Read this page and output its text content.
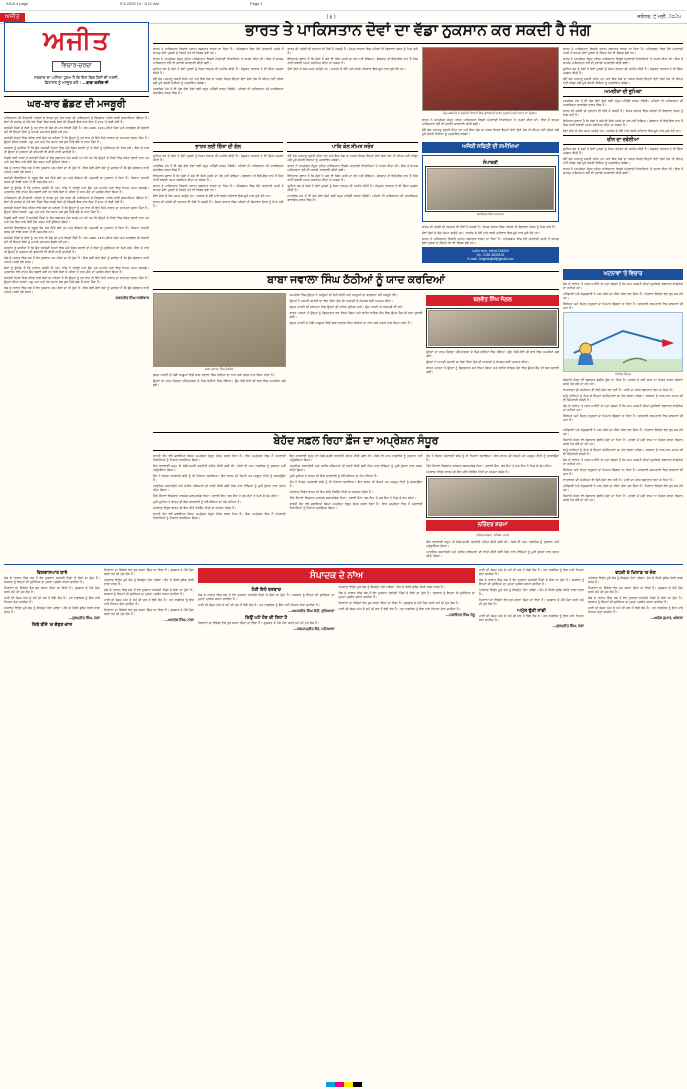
ASIA 4 page	9 5 2025 10 : 8 11 AM	Page 1
ਅਜੀਤ	( ੪ )	ਜਲੰਧਰ, ੯ ਮਈ, ੨੦੨੫
ਅਜੀਤ
ਵਿਚਾਰ-ਚਰਚਾ
ਸਰਕਾਰ ਦਾ ਅਜਿਹਾ ਹੁਕਮ ਹੈ ਕਿ ਇਸ ਵਿਚ ਕਿਸੇ ਦੀ ਮਰਜ਼ੀ-
ਵਿਰਾਸਤ ਨੂੰ ਮਨਜ਼ੂਰ ਕਰੋ। —ਬਾਬਾ ਫ਼ਰੀਦ ਜੀ
ਘਰ-ਬਾਰ ਛੱਡਣ ਦੀ ਮਜਬੂਰੀ

ਪਾਕਿਸਤਾਨ ਦੀ ਫ਼ੌਜਦਾਰੀ ਪਹਿਲਾਂ ਦੋ ਵਾਰਦ ਹੁਣ ਤੱਕ ਸਾਡਾ ਦੀ ਪਾਕਿਸਤਾਨ ਦੇ ਵਿਚਕਾਰ ਮਾਹੌਲ ਕਾਫ਼ੀ ਗਰਮਾਇਆ ਹੋਇਆ ਹੈ। ਦੋਵਾਂ ਹੀ ਸਰਹੱਦ ਦੇ ਨੇੜੇ ਵਸੇ ਪਿੰਡਾਂ ਵਿਚ ਵਸਦੇ ਲੋਕਾਂ ਦੀ ਜ਼ਿੰਦਗੀ ਇਕ ਵਾਰ ਫਿਰ ਤੋਂ ਦਾਅ 'ਤੇ ਲੱਗੀ ਹੋਈ ਹੈ।

ਸਰਹੱਦੀ ਪਿੰਡਾਂ ਦੇ ਲੋਕਾਂ ਨੂੰ ਹਰ ਵਾਰ ਹੀ ਜੰਗ ਦੀ ਮਾਰ ਝੱਲਣੀ ਪੈਂਦੀ ਹੈ। ਸੰਨ 1965, 1971 ਦੀਆਂ ਜੰਗਾਂ ਅਤੇ ਕਾਰਗਿਲ ਦੀ ਲੜਾਈ ਸਮੇਂ ਵੀ ਇਨ੍ਹਾਂ ਲੋਕਾਂ ਨੂੰ ਆਪਣੇ ਘਰ-ਬਾਰ ਛੱਡਣੇ ਪਏ ਸਨ।

ਸਰਹੱਦੀ ਖੇਤਰਾਂ ਵਿਚ ਰਹਿਣ ਵਾਲੇ ਲੋਕਾਂ ਦਾ ਕਹਿਣਾ ਹੈ ਕਿ ਉਨ੍ਹਾਂ ਨੂੰ ਹਰ ਵਾਰ ਹੀ ਇਹੋ ਜਿਹੇ ਹਾਲਾਤ ਦਾ ਸਾਹਮਣਾ ਕਰਨਾ ਪੈਂਦਾ ਹੈ। ਉਨ੍ਹਾਂ ਦੀਆਂ ਫ਼ਸਲਾਂ, ਪਸ਼ੂ, ਘਰ ਅਤੇ ਹੋਰ ਸਮਾਨ ਸਭ ਕੁਝ ਪਿੱਛੇ ਛੱਡ ਕੇ ਜਾਣਾ ਪੈਂਦਾ ਹੈ।

ਸਰਕਾਰ ਨੂੰ ਚਾਹੀਦਾ ਹੈ ਕਿ ਉਹ ਸਰਹੱਦੀ ਖੇਤਰਾਂ ਵਿਚ ਪੱਕੇ ਬੰਕਰ ਬਣਾਏ ਤਾਂ ਜੋ ਲੋਕਾਂ ਨੂੰ ਸੁਰੱਖਿਅਤ ਥਾਂ ਮਿਲ ਸਕੇ। ਇਸ ਦੇ ਨਾਲ ਹੀ ਉਨ੍ਹਾਂ ਦੇ ਨੁਕਸਾਨ ਦੀ ਭਰਪਾਈ ਵੀ ਕੀਤੀ ਜਾਣੀ ਚਾਹੀਦੀ ਹੈ।

ਪਿਛਲੇ ਕਈ ਸਾਲਾਂ ਤੋਂ ਸਰਹੱਦੀ ਪਿੰਡਾਂ ਦੇ ਲੋਕ ਲਗਾਤਾਰ ਮੰਗ ਕਰਦੇ ਆ ਰਹੇ ਹਨ ਕਿ ਉਨ੍ਹਾਂ ਦੇ ਪਿੰਡਾਂ ਵਿਚ ਬੰਕਰ ਬਣਾਏ ਜਾਣ ਪਰ ਅਜੇ ਤੱਕ ਇਸ ਪਾਸੇ ਕੋਈ ਠੋਸ ਕਦਮ ਨਹੀਂ ਚੁੱਕਿਆ ਗਿਆ।

ਜੰਗ ਦੇ ਹਾਲਾਤ ਵਿਚ ਸਭ ਤੋਂ ਵੱਧ ਨੁਕਸਾਨ ਆਮ ਲੋਕਾਂ ਦਾ ਹੀ ਹੁੰਦਾ ਹੈ। ਇਸ ਲਈ ਦੋਵਾਂ ਦੇਸ਼ਾਂ ਨੂੰ ਚਾਹੀਦਾ ਹੈ ਕਿ ਉਹ ਗੱਲਬਾਤ ਰਾਹੀਂ ਆਪਣੇ ਮਸਲੇ ਹੱਲ ਕਰਨ।

ਸਰਹੱਦੀ ਇਲਾਕਿਆਂ ਦੇ ਸਕੂਲ ਬੰਦ ਕਰ ਦਿੱਤੇ ਗਏ ਹਨ ਅਤੇ ਬੱਚਿਆਂ ਦੀ ਪੜ੍ਹਾਈ ਦਾ ਨੁਕਸਾਨ ਹੋ ਰਿਹਾ ਹੈ। ਕਿਸਾਨ ਆਪਣੀ ਕਣਕ ਦੀ ਵਾਢੀ ਕਰਨ ਤੋਂ ਵੀ ਅਸਮਰੱਥ ਹਨ।

ਲੋਕਾਂ ਨੂੰ ਉਮੀਦ ਹੈ ਕਿ ਹਾਲਾਤ ਜਲਦੀ ਹੀ ਆਮ ਵਾਂਗ ਹੋ ਜਾਣਗੇ ਅਤੇ ਉਹ ਮੁੜ ਆਪਣੇ ਘਰਾਂ ਵਿਚ ਵਾਪਸ ਪਰਤ ਸਕਣਗੇ। ਪ੍ਰਸ਼ਾਸਨ ਵਲੋਂ ਰਾਹਤ ਕੈਂਪ ਲਗਾਏ ਗਏ ਹਨ ਜਿਥੇ ਲੋਕਾਂ ਦੇ ਰਹਿਣ ਤੇ ਖਾਣ-ਪੀਣ ਦਾ ਪ੍ਰਬੰਧ ਕੀਤਾ ਗਿਆ ਹੈ।

ਪਾਕਿਸਤਾਨ ਦੀ ਫ਼ੌਜਦਾਰੀ ਪਹਿਲਾਂ ਦੋ ਵਾਰਦ ਹੁਣ ਤੱਕ ਸਾਡਾ ਦੀ ਪਾਕਿਸਤਾਨ ਦੇ ਵਿਚਕਾਰ ਮਾਹੌਲ ਕਾਫ਼ੀ ਗਰਮਾਇਆ ਹੋਇਆ ਹੈ। ਦੋਵਾਂ ਹੀ ਸਰਹੱਦ ਦੇ ਨੇੜੇ ਵਸੇ ਪਿੰਡਾਂ ਵਿਚ ਵਸਦੇ ਲੋਕਾਂ ਦੀ ਜ਼ਿੰਦਗੀ ਇਕ ਵਾਰ ਫਿਰ ਤੋਂ ਦਾਅ 'ਤੇ ਲੱਗੀ ਹੋਈ ਹੈ।

ਸਰਹੱਦੀ ਖੇਤਰਾਂ ਵਿਚ ਰਹਿਣ ਵਾਲੇ ਲੋਕਾਂ ਦਾ ਕਹਿਣਾ ਹੈ ਕਿ ਉਨ੍ਹਾਂ ਨੂੰ ਹਰ ਵਾਰ ਹੀ ਇਹੋ ਜਿਹੇ ਹਾਲਾਤ ਦਾ ਸਾਹਮਣਾ ਕਰਨਾ ਪੈਂਦਾ ਹੈ। ਉਨ੍ਹਾਂ ਦੀਆਂ ਫ਼ਸਲਾਂ, ਪਸ਼ੂ, ਘਰ ਅਤੇ ਹੋਰ ਸਮਾਨ ਸਭ ਕੁਝ ਪਿੱਛੇ ਛੱਡ ਕੇ ਜਾਣਾ ਪੈਂਦਾ ਹੈ।

ਪਿਛਲੇ ਕਈ ਸਾਲਾਂ ਤੋਂ ਸਰਹੱਦੀ ਪਿੰਡਾਂ ਦੇ ਲੋਕ ਲਗਾਤਾਰ ਮੰਗ ਕਰਦੇ ਆ ਰਹੇ ਹਨ ਕਿ ਉਨ੍ਹਾਂ ਦੇ ਪਿੰਡਾਂ ਵਿਚ ਬੰਕਰ ਬਣਾਏ ਜਾਣ ਪਰ ਅਜੇ ਤੱਕ ਇਸ ਪਾਸੇ ਕੋਈ ਠੋਸ ਕਦਮ ਨਹੀਂ ਚੁੱਕਿਆ ਗਿਆ।

ਸਰਹੱਦੀ ਇਲਾਕਿਆਂ ਦੇ ਸਕੂਲ ਬੰਦ ਕਰ ਦਿੱਤੇ ਗਏ ਹਨ ਅਤੇ ਬੱਚਿਆਂ ਦੀ ਪੜ੍ਹਾਈ ਦਾ ਨੁਕਸਾਨ ਹੋ ਰਿਹਾ ਹੈ। ਕਿਸਾਨ ਆਪਣੀ ਕਣਕ ਦੀ ਵਾਢੀ ਕਰਨ ਤੋਂ ਵੀ ਅਸਮਰੱਥ ਹਨ।

ਸਰਹੱਦੀ ਪਿੰਡਾਂ ਦੇ ਲੋਕਾਂ ਨੂੰ ਹਰ ਵਾਰ ਹੀ ਜੰਗ ਦੀ ਮਾਰ ਝੱਲਣੀ ਪੈਂਦੀ ਹੈ। ਸੰਨ 1965, 1971 ਦੀਆਂ ਜੰਗਾਂ ਅਤੇ ਕਾਰਗਿਲ ਦੀ ਲੜਾਈ ਸਮੇਂ ਵੀ ਇਨ੍ਹਾਂ ਲੋਕਾਂ ਨੂੰ ਆਪਣੇ ਘਰ-ਬਾਰ ਛੱਡਣੇ ਪਏ ਸਨ।

ਸਰਕਾਰ ਨੂੰ ਚਾਹੀਦਾ ਹੈ ਕਿ ਉਹ ਸਰਹੱਦੀ ਖੇਤਰਾਂ ਵਿਚ ਪੱਕੇ ਬੰਕਰ ਬਣਾਏ ਤਾਂ ਜੋ ਲੋਕਾਂ ਨੂੰ ਸੁਰੱਖਿਅਤ ਥਾਂ ਮਿਲ ਸਕੇ। ਇਸ ਦੇ ਨਾਲ ਹੀ ਉਨ੍ਹਾਂ ਦੇ ਨੁਕਸਾਨ ਦੀ ਭਰਪਾਈ ਵੀ ਕੀਤੀ ਜਾਣੀ ਚਾਹੀਦੀ ਹੈ।

ਜੰਗ ਦੇ ਹਾਲਾਤ ਵਿਚ ਸਭ ਤੋਂ ਵੱਧ ਨੁਕਸਾਨ ਆਮ ਲੋਕਾਂ ਦਾ ਹੀ ਹੁੰਦਾ ਹੈ। ਇਸ ਲਈ ਦੋਵਾਂ ਦੇਸ਼ਾਂ ਨੂੰ ਚਾਹੀਦਾ ਹੈ ਕਿ ਉਹ ਗੱਲਬਾਤ ਰਾਹੀਂ ਆਪਣੇ ਮਸਲੇ ਹੱਲ ਕਰਨ।

ਲੋਕਾਂ ਨੂੰ ਉਮੀਦ ਹੈ ਕਿ ਹਾਲਾਤ ਜਲਦੀ ਹੀ ਆਮ ਵਾਂਗ ਹੋ ਜਾਣਗੇ ਅਤੇ ਉਹ ਮੁੜ ਆਪਣੇ ਘਰਾਂ ਵਿਚ ਵਾਪਸ ਪਰਤ ਸਕਣਗੇ। ਪ੍ਰਸ਼ਾਸਨ ਵਲੋਂ ਰਾਹਤ ਕੈਂਪ ਲਗਾਏ ਗਏ ਹਨ ਜਿਥੇ ਲੋਕਾਂ ਦੇ ਰਹਿਣ ਤੇ ਖਾਣ-ਪੀਣ ਦਾ ਪ੍ਰਬੰਧ ਕੀਤਾ ਗਿਆ ਹੈ।

ਸਰਹੱਦੀ ਖੇਤਰਾਂ ਵਿਚ ਰਹਿਣ ਵਾਲੇ ਲੋਕਾਂ ਦਾ ਕਹਿਣਾ ਹੈ ਕਿ ਉਨ੍ਹਾਂ ਨੂੰ ਹਰ ਵਾਰ ਹੀ ਇਹੋ ਜਿਹੇ ਹਾਲਾਤ ਦਾ ਸਾਹਮਣਾ ਕਰਨਾ ਪੈਂਦਾ ਹੈ। ਉਨ੍ਹਾਂ ਦੀਆਂ ਫ਼ਸਲਾਂ, ਪਸ਼ੂ, ਘਰ ਅਤੇ ਹੋਰ ਸਮਾਨ ਸਭ ਕੁਝ ਪਿੱਛੇ ਛੱਡ ਕੇ ਜਾਣਾ ਪੈਂਦਾ ਹੈ।

ਜੰਗ ਦੇ ਹਾਲਾਤ ਵਿਚ ਸਭ ਤੋਂ ਵੱਧ ਨੁਕਸਾਨ ਆਮ ਲੋਕਾਂ ਦਾ ਹੀ ਹੁੰਦਾ ਹੈ। ਇਸ ਲਈ ਦੋਵਾਂ ਦੇਸ਼ਾਂ ਨੂੰ ਚਾਹੀਦਾ ਹੈ ਕਿ ਉਹ ਗੱਲਬਾਤ ਰਾਹੀਂ ਆਪਣੇ ਮਸਲੇ ਹੱਲ ਕਰਨ।

ਚਰਨਜੀਤ ਸਿੰਘ ਧਾਲੀਵਾਲ
ਭਾਰਤ ਤੇ ਪਾਕਿਸਤਾਨ ਦੋਵਾਂ ਦਾ ਵੱਡਾ ਨੁਕਸਾਨ ਕਰ ਸਕਦੀ ਹੈ ਜੰਗ

ਭਾਰਤ ਤੇ ਪਾਕਿਸਤਾਨ ਵਿਚਾਲੇ ਤਣਾਅ ਲਗਾਤਾਰ ਵਧਦਾ ਜਾ ਰਿਹਾ ਹੈ। ਪਹਿਲਗਾਮ ਵਿਚ ਹੋਏ ਅੱਤਵਾਦੀ ਹਮਲੇ ਤੋਂ ਬਾਅਦ ਦੋਵਾਂ ਮੁਲਕਾਂ ਦੇ ਰਿਸ਼ਤੇ ਹੋਰ ਵੀ ਵਿਗੜ ਗਏ ਹਨ।

ਭਾਰਤ ਨੇ ਆਪ੍ਰੇਸ਼ਨ ਸੰਧੂਰ ਤਹਿਤ ਪਾਕਿਸਤਾਨ ਵਿਚਲੇ ਅੱਤਵਾਦੀ ਟਿਕਾਣਿਆਂ 'ਤੇ ਹਮਲਾ ਕੀਤਾ ਸੀ। ਇਸ ਤੋਂ ਬਾਅਦ ਪਾਕਿਸਤਾਨ ਵਲੋਂ ਵੀ ਜਵਾਬੀ ਕਾਰਵਾਈ ਕੀਤੀ ਗਈ।

ਦੁਨੀਆ ਭਰ ਦੇ ਦੇਸ਼ਾਂ ਨੇ ਦੋਵਾਂ ਮੁਲਕਾਂ ਨੂੰ ਸੰਜਮ ਵਰਤਣ ਦੀ ਅਪੀਲ ਕੀਤੀ ਹੈ। ਸੰਯੁਕਤ ਰਾਸ਼ਟਰ ਨੇ ਵੀ ਚਿੰਤਾ ਪ੍ਰਗਟ ਕੀਤੀ ਹੈ।

ਦੋਵੇਂ ਦੇਸ਼ ਪਰਮਾਣੂ ਸ਼ਕਤੀ ਸੰਪੰਨ ਹਨ ਅਤੇ ਇਕ ਜੰਗ ਦਾ ਅਸਰ ਸਿਰਫ਼ ਇਨ੍ਹਾਂ ਦੋਵਾਂ ਦੇਸ਼ਾਂ ਤੱਕ ਹੀ ਸੀਮਤ ਨਹੀਂ ਰਹੇਗਾ ਸਗੋਂ ਪੂਰੇ ਦੱਖਣੀ ਏਸ਼ੀਆ ਨੂੰ ਪ੍ਰਭਾਵਿਤ ਕਰੇਗਾ।

ਆਰਥਿਕ ਪੱਖ ਤੋਂ ਵੀ ਜੰਗ ਦੋਵਾਂ ਦੇਸ਼ਾਂ ਲਈ ਬਹੁਤ ਮਹਿੰਗੀ ਸਾਬਤ ਹੋਵੇਗੀ। ਪਹਿਲਾਂ ਹੀ ਪਾਕਿਸਤਾਨ ਦੀ ਆਰਥਿਕਤਾ ਡਾਵਾਂਡੋਲ ਹਾਲਤ ਵਿਚ ਹੈ।

ਭਾਰਤ ਦੀ ਤਰੱਕੀ ਦੀ ਰਫ਼ਤਾਰ ਵੀ ਹੌਲੀ ਪੈ ਸਕਦੀ ਹੈ। ਸ਼ੇਅਰ ਬਾਜ਼ਾਰ ਵਿਚ ਪਹਿਲਾਂ ਹੀ ਗਿਰਾਵਟ ਦੇਖਣ ਨੂੰ ਮਿਲ ਰਹੀ ਹੈ।

ਇਤਿਹਾਸ ਗਵਾਹ ਹੈ ਕਿ ਜੰਗਾਂ ਨੇ ਕਦੇ ਵੀ ਕਿਸੇ ਮਸਲੇ ਦਾ ਹੱਲ ਨਹੀਂ ਕੱਢਿਆ। ਗੱਲਬਾਤ ਹੀ ਇਕੋ-ਇਕ ਰਾਹ ਹੈ ਜਿਸ ਰਾਹੀਂ ਸਥਾਈ ਅਮਨ ਸਥਾਪਿਤ ਕੀਤਾ ਜਾ ਸਕਦਾ ਹੈ।

ਦੋਵਾਂ ਦੇਸ਼ਾਂ ਦੇ ਲੋਕ ਅਮਨ ਚਾਹੁੰਦੇ ਹਨ। ਸਰਹੱਦ ਦੇ ਦੋਵੇਂ ਪਾਸੇ ਵਸਦੇ ਪਰਿਵਾਰ ਇਕ-ਦੂਜੇ ਨਾਲ ਜੁੜੇ ਹੋਏ ਹਨ।

ਜੰਮੂ-ਕਸ਼ਮੀਰ ਦੇ ਸਰਹੱਦੀ ਇਲਾਕੇ ਵਿਚ ਗੋਲਾਬਾਰੀ ਕਾਰਨ ਨੁਕਸਾਨੇ ਗਏ ਮਕਾਨ ਦਾ ਦ੍ਰਿਸ਼।

ਭਾਰਤ ਨੇ ਆਪ੍ਰੇਸ਼ਨ ਸੰਧੂਰ ਤਹਿਤ ਪਾਕਿਸਤਾਨ ਵਿਚਲੇ ਅੱਤਵਾਦੀ ਟਿਕਾਣਿਆਂ 'ਤੇ ਹਮਲਾ ਕੀਤਾ ਸੀ। ਇਸ ਤੋਂ ਬਾਅਦ ਪਾਕਿਸਤਾਨ ਵਲੋਂ ਵੀ ਜਵਾਬੀ ਕਾਰਵਾਈ ਕੀਤੀ ਗਈ।

ਦੋਵੇਂ ਦੇਸ਼ ਪਰਮਾਣੂ ਸ਼ਕਤੀ ਸੰਪੰਨ ਹਨ ਅਤੇ ਇਕ ਜੰਗ ਦਾ ਅਸਰ ਸਿਰਫ਼ ਇਨ੍ਹਾਂ ਦੋਵਾਂ ਦੇਸ਼ਾਂ ਤੱਕ ਹੀ ਸੀਮਤ ਨਹੀਂ ਰਹੇਗਾ ਸਗੋਂ ਪੂਰੇ ਦੱਖਣੀ ਏਸ਼ੀਆ ਨੂੰ ਪ੍ਰਭਾਵਿਤ ਕਰੇਗਾ।

ਭਾਰਤ ਲਈ ਚਿੰਤਾ ਦੀ ਗੱਲ

ਦੁਨੀਆ ਭਰ ਦੇ ਦੇਸ਼ਾਂ ਨੇ ਦੋਵਾਂ ਮੁਲਕਾਂ ਨੂੰ ਸੰਜਮ ਵਰਤਣ ਦੀ ਅਪੀਲ ਕੀਤੀ ਹੈ। ਸੰਯੁਕਤ ਰਾਸ਼ਟਰ ਨੇ ਵੀ ਚਿੰਤਾ ਪ੍ਰਗਟ ਕੀਤੀ ਹੈ।

ਆਰਥਿਕ ਪੱਖ ਤੋਂ ਵੀ ਜੰਗ ਦੋਵਾਂ ਦੇਸ਼ਾਂ ਲਈ ਬਹੁਤ ਮਹਿੰਗੀ ਸਾਬਤ ਹੋਵੇਗੀ। ਪਹਿਲਾਂ ਹੀ ਪਾਕਿਸਤਾਨ ਦੀ ਆਰਥਿਕਤਾ ਡਾਵਾਂਡੋਲ ਹਾਲਤ ਵਿਚ ਹੈ।

ਇਤਿਹਾਸ ਗਵਾਹ ਹੈ ਕਿ ਜੰਗਾਂ ਨੇ ਕਦੇ ਵੀ ਕਿਸੇ ਮਸਲੇ ਦਾ ਹੱਲ ਨਹੀਂ ਕੱਢਿਆ। ਗੱਲਬਾਤ ਹੀ ਇਕੋ-ਇਕ ਰਾਹ ਹੈ ਜਿਸ ਰਾਹੀਂ ਸਥਾਈ ਅਮਨ ਸਥਾਪਿਤ ਕੀਤਾ ਜਾ ਸਕਦਾ ਹੈ।

ਭਾਰਤ ਤੇ ਪਾਕਿਸਤਾਨ ਵਿਚਾਲੇ ਤਣਾਅ ਲਗਾਤਾਰ ਵਧਦਾ ਜਾ ਰਿਹਾ ਹੈ। ਪਹਿਲਗਾਮ ਵਿਚ ਹੋਏ ਅੱਤਵਾਦੀ ਹਮਲੇ ਤੋਂ ਬਾਅਦ ਦੋਵਾਂ ਮੁਲਕਾਂ ਦੇ ਰਿਸ਼ਤੇ ਹੋਰ ਵੀ ਵਿਗੜ ਗਏ ਹਨ।

ਦੋਵਾਂ ਦੇਸ਼ਾਂ ਦੇ ਲੋਕ ਅਮਨ ਚਾਹੁੰਦੇ ਹਨ। ਸਰਹੱਦ ਦੇ ਦੋਵੇਂ ਪਾਸੇ ਵਸਦੇ ਪਰਿਵਾਰ ਇਕ-ਦੂਜੇ ਨਾਲ ਜੁੜੇ ਹੋਏ ਹਨ।

ਭਾਰਤ ਦੀ ਤਰੱਕੀ ਦੀ ਰਫ਼ਤਾਰ ਵੀ ਹੌਲੀ ਪੈ ਸਕਦੀ ਹੈ। ਸ਼ੇਅਰ ਬਾਜ਼ਾਰ ਵਿਚ ਪਹਿਲਾਂ ਹੀ ਗਿਰਾਵਟ ਦੇਖਣ ਨੂੰ ਮਿਲ ਰਹੀ ਹੈ।

ਪਾਕਿ ਕੋਲ ਸੀਮਤ ਸਰੋਤ

ਦੋਵੇਂ ਦੇਸ਼ ਪਰਮਾਣੂ ਸ਼ਕਤੀ ਸੰਪੰਨ ਹਨ ਅਤੇ ਇਕ ਜੰਗ ਦਾ ਅਸਰ ਸਿਰਫ਼ ਇਨ੍ਹਾਂ ਦੋਵਾਂ ਦੇਸ਼ਾਂ ਤੱਕ ਹੀ ਸੀਮਤ ਨਹੀਂ ਰਹੇਗਾ ਸਗੋਂ ਪੂਰੇ ਦੱਖਣੀ ਏਸ਼ੀਆ ਨੂੰ ਪ੍ਰਭਾਵਿਤ ਕਰੇਗਾ।

ਭਾਰਤ ਨੇ ਆਪ੍ਰੇਸ਼ਨ ਸੰਧੂਰ ਤਹਿਤ ਪਾਕਿਸਤਾਨ ਵਿਚਲੇ ਅੱਤਵਾਦੀ ਟਿਕਾਣਿਆਂ 'ਤੇ ਹਮਲਾ ਕੀਤਾ ਸੀ। ਇਸ ਤੋਂ ਬਾਅਦ ਪਾਕਿਸਤਾਨ ਵਲੋਂ ਵੀ ਜਵਾਬੀ ਕਾਰਵਾਈ ਕੀਤੀ ਗਈ।

ਇਤਿਹਾਸ ਗਵਾਹ ਹੈ ਕਿ ਜੰਗਾਂ ਨੇ ਕਦੇ ਵੀ ਕਿਸੇ ਮਸਲੇ ਦਾ ਹੱਲ ਨਹੀਂ ਕੱਢਿਆ। ਗੱਲਬਾਤ ਹੀ ਇਕੋ-ਇਕ ਰਾਹ ਹੈ ਜਿਸ ਰਾਹੀਂ ਸਥਾਈ ਅਮਨ ਸਥਾਪਿਤ ਕੀਤਾ ਜਾ ਸਕਦਾ ਹੈ।

ਦੁਨੀਆ ਭਰ ਦੇ ਦੇਸ਼ਾਂ ਨੇ ਦੋਵਾਂ ਮੁਲਕਾਂ ਨੂੰ ਸੰਜਮ ਵਰਤਣ ਦੀ ਅਪੀਲ ਕੀਤੀ ਹੈ। ਸੰਯੁਕਤ ਰਾਸ਼ਟਰ ਨੇ ਵੀ ਚਿੰਤਾ ਪ੍ਰਗਟ ਕੀਤੀ ਹੈ।

ਆਰਥਿਕ ਪੱਖ ਤੋਂ ਵੀ ਜੰਗ ਦੋਵਾਂ ਦੇਸ਼ਾਂ ਲਈ ਬਹੁਤ ਮਹਿੰਗੀ ਸਾਬਤ ਹੋਵੇਗੀ। ਪਹਿਲਾਂ ਹੀ ਪਾਕਿਸਤਾਨ ਦੀ ਆਰਥਿਕਤਾ ਡਾਵਾਂਡੋਲ ਹਾਲਤ ਵਿਚ ਹੈ।

ਅਜੋਕੀ ਸਥਿਤੀ ਦੀ ਸਮੀਖਿਆ
ਸੰਪਾਦਕੀ
ਬਰਜਿੰਦਰ ਸਿੰਘ ਹਮਦਰਦ

ਭਾਰਤ ਦੀ ਤਰੱਕੀ ਦੀ ਰਫ਼ਤਾਰ ਵੀ ਹੌਲੀ ਪੈ ਸਕਦੀ ਹੈ। ਸ਼ੇਅਰ ਬਾਜ਼ਾਰ ਵਿਚ ਪਹਿਲਾਂ ਹੀ ਗਿਰਾਵਟ ਦੇਖਣ ਨੂੰ ਮਿਲ ਰਹੀ ਹੈ।

ਦੋਵਾਂ ਦੇਸ਼ਾਂ ਦੇ ਲੋਕ ਅਮਨ ਚਾਹੁੰਦੇ ਹਨ। ਸਰਹੱਦ ਦੇ ਦੋਵੇਂ ਪਾਸੇ ਵਸਦੇ ਪਰਿਵਾਰ ਇਕ-ਦੂਜੇ ਨਾਲ ਜੁੜੇ ਹੋਏ ਹਨ।

ਭਾਰਤ ਤੇ ਪਾਕਿਸਤਾਨ ਵਿਚਾਲੇ ਤਣਾਅ ਲਗਾਤਾਰ ਵਧਦਾ ਜਾ ਰਿਹਾ ਹੈ। ਪਹਿਲਗਾਮ ਵਿਚ ਹੋਏ ਅੱਤਵਾਦੀ ਹਮਲੇ ਤੋਂ ਬਾਅਦ ਦੋਵਾਂ ਮੁਲਕਾਂ ਦੇ ਰਿਸ਼ਤੇ ਹੋਰ ਵੀ ਵਿਗੜ ਗਏ ਹਨ।

ਅਜੀਤ ਭਵਨ, ਜਲੰਧਰ-144004
ਫ਼ੋਨ : 0181-5033100
E-mail : hbgmanjitdt@gmail.com

ਭਾਰਤ ਤੇ ਪਾਕਿਸਤਾਨ ਵਿਚਾਲੇ ਤਣਾਅ ਲਗਾਤਾਰ ਵਧਦਾ ਜਾ ਰਿਹਾ ਹੈ। ਪਹਿਲਗਾਮ ਵਿਚ ਹੋਏ ਅੱਤਵਾਦੀ ਹਮਲੇ ਤੋਂ ਬਾਅਦ ਦੋਵਾਂ ਮੁਲਕਾਂ ਦੇ ਰਿਸ਼ਤੇ ਹੋਰ ਵੀ ਵਿਗੜ ਗਏ ਹਨ।

ਭਾਰਤ ਨੇ ਆਪ੍ਰੇਸ਼ਨ ਸੰਧੂਰ ਤਹਿਤ ਪਾਕਿਸਤਾਨ ਵਿਚਲੇ ਅੱਤਵਾਦੀ ਟਿਕਾਣਿਆਂ 'ਤੇ ਹਮਲਾ ਕੀਤਾ ਸੀ। ਇਸ ਤੋਂ ਬਾਅਦ ਪਾਕਿਸਤਾਨ ਵਲੋਂ ਵੀ ਜਵਾਬੀ ਕਾਰਵਾਈ ਕੀਤੀ ਗਈ।

ਦੁਨੀਆ ਭਰ ਦੇ ਦੇਸ਼ਾਂ ਨੇ ਦੋਵਾਂ ਮੁਲਕਾਂ ਨੂੰ ਸੰਜਮ ਵਰਤਣ ਦੀ ਅਪੀਲ ਕੀਤੀ ਹੈ। ਸੰਯੁਕਤ ਰਾਸ਼ਟਰ ਨੇ ਵੀ ਚਿੰਤਾ ਪ੍ਰਗਟ ਕੀਤੀ ਹੈ।

ਦੋਵੇਂ ਦੇਸ਼ ਪਰਮਾਣੂ ਸ਼ਕਤੀ ਸੰਪੰਨ ਹਨ ਅਤੇ ਇਕ ਜੰਗ ਦਾ ਅਸਰ ਸਿਰਫ਼ ਇਨ੍ਹਾਂ ਦੋਵਾਂ ਦੇਸ਼ਾਂ ਤੱਕ ਹੀ ਸੀਮਤ ਨਹੀਂ ਰਹੇਗਾ ਸਗੋਂ ਪੂਰੇ ਦੱਖਣੀ ਏਸ਼ੀਆ ਨੂੰ ਪ੍ਰਭਾਵਿਤ ਕਰੇਗਾ।

ਅਮਰੀਕਾ ਦੀ ਭੂਮਿਕਾ

ਆਰਥਿਕ ਪੱਖ ਤੋਂ ਵੀ ਜੰਗ ਦੋਵਾਂ ਦੇਸ਼ਾਂ ਲਈ ਬਹੁਤ ਮਹਿੰਗੀ ਸਾਬਤ ਹੋਵੇਗੀ। ਪਹਿਲਾਂ ਹੀ ਪਾਕਿਸਤਾਨ ਦੀ ਆਰਥਿਕਤਾ ਡਾਵਾਂਡੋਲ ਹਾਲਤ ਵਿਚ ਹੈ।

ਭਾਰਤ ਦੀ ਤਰੱਕੀ ਦੀ ਰਫ਼ਤਾਰ ਵੀ ਹੌਲੀ ਪੈ ਸਕਦੀ ਹੈ। ਸ਼ੇਅਰ ਬਾਜ਼ਾਰ ਵਿਚ ਪਹਿਲਾਂ ਹੀ ਗਿਰਾਵਟ ਦੇਖਣ ਨੂੰ ਮਿਲ ਰਹੀ ਹੈ।

ਇਤਿਹਾਸ ਗਵਾਹ ਹੈ ਕਿ ਜੰਗਾਂ ਨੇ ਕਦੇ ਵੀ ਕਿਸੇ ਮਸਲੇ ਦਾ ਹੱਲ ਨਹੀਂ ਕੱਢਿਆ। ਗੱਲਬਾਤ ਹੀ ਇਕੋ-ਇਕ ਰਾਹ ਹੈ ਜਿਸ ਰਾਹੀਂ ਸਥਾਈ ਅਮਨ ਸਥਾਪਿਤ ਕੀਤਾ ਜਾ ਸਕਦਾ ਹੈ।

ਦੋਵਾਂ ਦੇਸ਼ਾਂ ਦੇ ਲੋਕ ਅਮਨ ਚਾਹੁੰਦੇ ਹਨ। ਸਰਹੱਦ ਦੇ ਦੋਵੇਂ ਪਾਸੇ ਵਸਦੇ ਪਰਿਵਾਰ ਇਕ-ਦੂਜੇ ਨਾਲ ਜੁੜੇ ਹੋਏ ਹਨ।

ਚੀਨ ਦਾ ਰਵੱਈਆ

ਦੁਨੀਆ ਭਰ ਦੇ ਦੇਸ਼ਾਂ ਨੇ ਦੋਵਾਂ ਮੁਲਕਾਂ ਨੂੰ ਸੰਜਮ ਵਰਤਣ ਦੀ ਅਪੀਲ ਕੀਤੀ ਹੈ। ਸੰਯੁਕਤ ਰਾਸ਼ਟਰ ਨੇ ਵੀ ਚਿੰਤਾ ਪ੍ਰਗਟ ਕੀਤੀ ਹੈ।

ਦੋਵੇਂ ਦੇਸ਼ ਪਰਮਾਣੂ ਸ਼ਕਤੀ ਸੰਪੰਨ ਹਨ ਅਤੇ ਇਕ ਜੰਗ ਦਾ ਅਸਰ ਸਿਰਫ਼ ਇਨ੍ਹਾਂ ਦੋਵਾਂ ਦੇਸ਼ਾਂ ਤੱਕ ਹੀ ਸੀਮਤ ਨਹੀਂ ਰਹੇਗਾ ਸਗੋਂ ਪੂਰੇ ਦੱਖਣੀ ਏਸ਼ੀਆ ਨੂੰ ਪ੍ਰਭਾਵਿਤ ਕਰੇਗਾ।

ਭਾਰਤ ਨੇ ਆਪ੍ਰੇਸ਼ਨ ਸੰਧੂਰ ਤਹਿਤ ਪਾਕਿਸਤਾਨ ਵਿਚਲੇ ਅੱਤਵਾਦੀ ਟਿਕਾਣਿਆਂ 'ਤੇ ਹਮਲਾ ਕੀਤਾ ਸੀ। ਇਸ ਤੋਂ ਬਾਅਦ ਪਾਕਿਸਤਾਨ ਵਲੋਂ ਵੀ ਜਵਾਬੀ ਕਾਰਵਾਈ ਕੀਤੀ ਗਈ।

ਬਾਬਾ ਜਵਾਲਾ ਸਿੰਘ ਠੱਠੀਆਂ ਨੂੰ ਯਾਦ ਕਰਦਿਆਂ
ਬਾਬਾ ਜਵਾਲਾ ਸਿੰਘ ਠੱਠੀਆਂ

ਗ਼ਦਰ ਪਾਰਟੀ ਦੇ ਮੋਢੀ ਆਗੂਆਂ ਵਿਚੋਂ ਬਾਬਾ ਜਵਾਲਾ ਸਿੰਘ ਠੱਠੀਆਂ ਦਾ ਨਾਂਅ ਬੜੇ ਅਦਬ ਨਾਲ ਲਿਆ ਜਾਂਦਾ ਹੈ।

ਉਨ੍ਹਾਂ ਦਾ ਜਨਮ ਜ਼ਿਲ੍ਹਾ ਅੰਮ੍ਰਿਤਸਰ ਦੇ ਪਿੰਡ ਠੱਠੀਆਂ ਵਿਚ ਹੋਇਆ। ਉਹ ਰੋਜ਼ੀ-ਰੋਟੀ ਦੀ ਭਾਲ ਵਿਚ ਅਮਰੀਕਾ ਚਲੇ ਗਏ।

ਅਮਰੀਕਾ ਵਿਚ ਉਨ੍ਹਾਂ ਨੇ ਆਲੂਆਂ ਦੀ ਖੇਤੀ ਕੀਤੀ ਅਤੇ 'ਆਲੂਆਂ ਦਾ ਬਾਦਸ਼ਾਹ' ਵਜੋਂ ਮਸ਼ਹੂਰ ਹੋਏ।

ਉਨ੍ਹਾਂ ਨੇ ਆਪਣੀ ਕਮਾਈ ਦਾ ਵੱਡਾ ਹਿੱਸਾ ਦੇਸ਼ ਦੀ ਆਜ਼ਾਦੀ ਦੇ ਸੰਘਰਸ਼ ਲਈ ਅਰਪਣ ਕੀਤਾ।

ਗ਼ਦਰ ਪਾਰਟੀ ਦੀ ਸਥਾਪਨਾ ਵਿਚ ਉਨ੍ਹਾਂ ਦੀ ਅਹਿਮ ਭੂਮਿਕਾ ਰਹੀ। ਉਹ ਪਾਰਟੀ ਦੇ ਖ਼ਜ਼ਾਨਚੀ ਵੀ ਰਹੇ।

ਭਾਰਤ ਪਰਤਣ 'ਤੇ ਉਨ੍ਹਾਂ ਨੂੰ ਗ੍ਰਿਫ਼ਤਾਰ ਕਰ ਲਿਆ ਗਿਆ ਅਤੇ ਲਾਹੌਰ ਸਾਜ਼ਿਸ਼ ਕੇਸ ਵਿਚ ਉਮਰ ਕੈਦ ਦੀ ਸਜ਼ਾ ਸੁਣਾਈ ਗਈ।

ਗ਼ਦਰ ਪਾਰਟੀ ਦੇ ਮੋਢੀ ਆਗੂਆਂ ਵਿਚੋਂ ਬਾਬਾ ਜਵਾਲਾ ਸਿੰਘ ਠੱਠੀਆਂ ਦਾ ਨਾਂਅ ਬੜੇ ਅਦਬ ਨਾਲ ਲਿਆ ਜਾਂਦਾ ਹੈ।

ਬਲਵੰਤ ਸਿੰਘ ਜੋਗਲ

ਉਨ੍ਹਾਂ ਦਾ ਜਨਮ ਜ਼ਿਲ੍ਹਾ ਅੰਮ੍ਰਿਤਸਰ ਦੇ ਪਿੰਡ ਠੱਠੀਆਂ ਵਿਚ ਹੋਇਆ। ਉਹ ਰੋਜ਼ੀ-ਰੋਟੀ ਦੀ ਭਾਲ ਵਿਚ ਅਮਰੀਕਾ ਚਲੇ ਗਏ।

ਉਨ੍ਹਾਂ ਨੇ ਆਪਣੀ ਕਮਾਈ ਦਾ ਵੱਡਾ ਹਿੱਸਾ ਦੇਸ਼ ਦੀ ਆਜ਼ਾਦੀ ਦੇ ਸੰਘਰਸ਼ ਲਈ ਅਰਪਣ ਕੀਤਾ।

ਭਾਰਤ ਪਰਤਣ 'ਤੇ ਉਨ੍ਹਾਂ ਨੂੰ ਗ੍ਰਿਫ਼ਤਾਰ ਕਰ ਲਿਆ ਗਿਆ ਅਤੇ ਲਾਹੌਰ ਸਾਜ਼ਿਸ਼ ਕੇਸ ਵਿਚ ਉਮਰ ਕੈਦ ਦੀ ਸਜ਼ਾ ਸੁਣਾਈ ਗਈ।

ਘਟਨਾਵਾਂ 'ਤੇ ਵਿਚਾਰ

ਦੇਸ਼ ਦੇ ਹਾਲਾਤ 'ਤੇ ਨਜ਼ਰ ਮਾਰੀਏ ਤਾਂ ਪਤਾ ਲੱਗਦਾ ਹੈ ਕਿ ਆਮ ਆਦਮੀ ਦੀਆਂ ਮੁਸ਼ਕਿਲਾਂ ਲਗਾਤਾਰ ਵਧਦੀਆਂ ਜਾ ਰਹੀਆਂ ਹਨ।

ਮਹਿੰਗਾਈ ਅਤੇ ਬੇਰੁਜ਼ਗਾਰੀ ਨੇ ਆਮ ਲੋਕਾਂ ਦਾ ਜੀਣਾ ਔਖਾ ਕਰ ਦਿੱਤਾ ਹੈ। ਨੌਜਵਾਨ ਵਿਦੇਸ਼ਾਂ ਵੱਲ ਰੁਖ਼ ਕਰ ਰਹੇ ਹਨ।

ਸਿੱਖਿਆ ਅਤੇ ਸਿਹਤ ਸਹੂਲਤਾਂ ਦਾ ਮਿਆਰ ਡਿੱਗਦਾ ਜਾ ਰਿਹਾ ਹੈ। ਸਰਕਾਰੀ ਹਸਪਤਾਲਾਂ ਵਿਚ ਡਾਕਟਰਾਂ ਦੀ ਘਾਟ ਹੈ।

ਵਿਅੰਗ-ਚਿੱਤਰ

ਕਿਸਾਨੀ ਸੰਕਟ ਵੀ ਲਗਾਤਾਰ ਗੰਭੀਰ ਹੁੰਦਾ ਜਾ ਰਿਹਾ ਹੈ। ਫ਼ਸਲਾਂ ਦੇ ਸਹੀ ਭਾਅ ਨਾ ਮਿਲਣ ਕਾਰਨ ਕਿਸਾਨ ਕਰਜ਼ੇ ਹੇਠ ਦੱਬੇ ਜਾ ਰਹੇ ਹਨ।

ਵਾਤਾਵਰਨ ਦੀ ਸਮੱਸਿਆ ਵੀ ਦਿਨੋ-ਦਿਨ ਵਧ ਰਹੀ ਹੈ। ਪਾਣੀ ਦਾ ਪੱਧਰ ਲਗਾਤਾਰ ਹੇਠਾਂ ਜਾ ਰਿਹਾ ਹੈ।

ਸਾਨੂੰ ਸਾਰਿਆਂ ਨੂੰ ਮਿਲ ਕੇ ਇਨ੍ਹਾਂ ਸਮੱਸਿਆਵਾਂ ਦਾ ਹੱਲ ਲੱਭਣਾ ਪਵੇਗਾ। ਸਰਕਾਰ ਦੇ ਨਾਲ-ਨਾਲ ਸਮਾਜ ਦੀ ਵੀ ਜ਼ਿੰਮੇਵਾਰੀ ਬਣਦੀ ਹੈ।

ਦੇਸ਼ ਦੇ ਹਾਲਾਤ 'ਤੇ ਨਜ਼ਰ ਮਾਰੀਏ ਤਾਂ ਪਤਾ ਲੱਗਦਾ ਹੈ ਕਿ ਆਮ ਆਦਮੀ ਦੀਆਂ ਮੁਸ਼ਕਿਲਾਂ ਲਗਾਤਾਰ ਵਧਦੀਆਂ ਜਾ ਰਹੀਆਂ ਹਨ।

ਸਿੱਖਿਆ ਅਤੇ ਸਿਹਤ ਸਹੂਲਤਾਂ ਦਾ ਮਿਆਰ ਡਿੱਗਦਾ ਜਾ ਰਿਹਾ ਹੈ। ਸਰਕਾਰੀ ਹਸਪਤਾਲਾਂ ਵਿਚ ਡਾਕਟਰਾਂ ਦੀ ਘਾਟ ਹੈ।

ਬੇਹੱਦ ਸਫ਼ਲ ਰਿਹਾ ਫ਼ੌਜ ਦਾ ਅਪ੍ਰੇਸ਼ਨ ਸੰਧੂਰ

ਭਾਰਤੀ ਫ਼ੌਜ ਵਲੋਂ ਚਲਾਇਆ ਗਿਆ ਅਪ੍ਰੇਸ਼ਨ ਸੰਧੂਰ ਬੇਹੱਦ ਸਫ਼ਲ ਰਿਹਾ ਹੈ। ਇਸ ਅਪ੍ਰੇਸ਼ਨ ਵਿਚ ਨੌਂ ਅੱਤਵਾਦੀ ਟਿਕਾਣਿਆਂ ਨੂੰ ਨਿਸ਼ਾਨਾ ਬਣਾਇਆ ਗਿਆ।

ਇਹ ਕਾਰਵਾਈ ਬਹੁਤ ਹੀ ਸੋਚੀ-ਸਮਝੀ ਰਣਨੀਤੀ ਤਹਿਤ ਕੀਤੀ ਗਈ ਸੀ। ਕਿਸੇ ਵੀ ਆਮ ਨਾਗਰਿਕ ਨੂੰ ਨੁਕਸਾਨ ਨਹੀਂ ਪਹੁੰਚਾਇਆ ਗਿਆ।

ਫ਼ੌਜ ਨੇ ਸਿਰਫ਼ ਅੱਤਵਾਦੀ ਢਾਂਚੇ ਨੂੰ ਹੀ ਨਿਸ਼ਾਨਾ ਬਣਾਇਆ। ਇਹ ਭਾਰਤ ਦੀ ਸੰਜਮੀ ਪਰ ਮਜ਼ਬੂਤ ਨੀਤੀ ਨੂੰ ਦਰਸਾਉਂਦਾ ਹੈ।

ਆਧੁਨਿਕ ਤਕਨਾਲੋਜੀ ਅਤੇ ਸਟੀਕ ਹਥਿਆਰਾਂ ਦੀ ਵਰਤੋਂ ਕੀਤੀ ਗਈ ਜਿਸ ਨਾਲ ਟੀਚਿਆਂ ਨੂੰ ਪੂਰੀ ਸ਼ੁੱਧਤਾ ਨਾਲ ਤਬਾਹ ਕੀਤਾ ਗਿਆ।

ਤਿੰਨੇ ਸੈਨਾਵਾਂ ਵਿਚਕਾਰ ਤਾਲਮੇਲ ਸ਼ਲਾਘਾਯੋਗ ਰਿਹਾ। ਹਵਾਈ ਸੈਨਾ, ਥਲ ਸੈਨਾ ਤੇ ਜਲ ਸੈਨਾ ਨੇ ਮਿਲ ਕੇ ਕੰਮ ਕੀਤਾ।

ਪੂਰੀ ਦੁਨੀਆ ਨੇ ਭਾਰਤ ਦੀ ਇਸ ਕਾਰਵਾਈ ਨੂੰ ਸਵੈ-ਰੱਖਿਆ ਦਾ ਹੱਕ ਮੰਨਿਆ ਹੈ।

ਅੱਤਵਾਦ ਵਿਰੁੱਧ ਭਾਰਤ ਦੀ ਇਹ ਜ਼ੀਰੋ ਟੌਲਰੈਂਸ ਨੀਤੀ ਦਾ ਸਪੱਸ਼ਟ ਸੰਦੇਸ਼ ਹੈ।

ਭਾਰਤੀ ਫ਼ੌਜ ਵਲੋਂ ਚਲਾਇਆ ਗਿਆ ਅਪ੍ਰੇਸ਼ਨ ਸੰਧੂਰ ਬੇਹੱਦ ਸਫ਼ਲ ਰਿਹਾ ਹੈ। ਇਸ ਅਪ੍ਰੇਸ਼ਨ ਵਿਚ ਨੌਂ ਅੱਤਵਾਦੀ ਟਿਕਾਣਿਆਂ ਨੂੰ ਨਿਸ਼ਾਨਾ ਬਣਾਇਆ ਗਿਆ।

ਇਹ ਕਾਰਵਾਈ ਬਹੁਤ ਹੀ ਸੋਚੀ-ਸਮਝੀ ਰਣਨੀਤੀ ਤਹਿਤ ਕੀਤੀ ਗਈ ਸੀ। ਕਿਸੇ ਵੀ ਆਮ ਨਾਗਰਿਕ ਨੂੰ ਨੁਕਸਾਨ ਨਹੀਂ ਪਹੁੰਚਾਇਆ ਗਿਆ।

ਆਧੁਨਿਕ ਤਕਨਾਲੋਜੀ ਅਤੇ ਸਟੀਕ ਹਥਿਆਰਾਂ ਦੀ ਵਰਤੋਂ ਕੀਤੀ ਗਈ ਜਿਸ ਨਾਲ ਟੀਚਿਆਂ ਨੂੰ ਪੂਰੀ ਸ਼ੁੱਧਤਾ ਨਾਲ ਤਬਾਹ ਕੀਤਾ ਗਿਆ।

ਪੂਰੀ ਦੁਨੀਆ ਨੇ ਭਾਰਤ ਦੀ ਇਸ ਕਾਰਵਾਈ ਨੂੰ ਸਵੈ-ਰੱਖਿਆ ਦਾ ਹੱਕ ਮੰਨਿਆ ਹੈ।

ਫ਼ੌਜ ਨੇ ਸਿਰਫ਼ ਅੱਤਵਾਦੀ ਢਾਂਚੇ ਨੂੰ ਹੀ ਨਿਸ਼ਾਨਾ ਬਣਾਇਆ। ਇਹ ਭਾਰਤ ਦੀ ਸੰਜਮੀ ਪਰ ਮਜ਼ਬੂਤ ਨੀਤੀ ਨੂੰ ਦਰਸਾਉਂਦਾ ਹੈ।

ਅੱਤਵਾਦ ਵਿਰੁੱਧ ਭਾਰਤ ਦੀ ਇਹ ਜ਼ੀਰੋ ਟੌਲਰੈਂਸ ਨੀਤੀ ਦਾ ਸਪੱਸ਼ਟ ਸੰਦੇਸ਼ ਹੈ।

ਤਿੰਨੇ ਸੈਨਾਵਾਂ ਵਿਚਕਾਰ ਤਾਲਮੇਲ ਸ਼ਲਾਘਾਯੋਗ ਰਿਹਾ। ਹਵਾਈ ਸੈਨਾ, ਥਲ ਸੈਨਾ ਤੇ ਜਲ ਸੈਨਾ ਨੇ ਮਿਲ ਕੇ ਕੰਮ ਕੀਤਾ।

ਭਾਰਤੀ ਫ਼ੌਜ ਵਲੋਂ ਚਲਾਇਆ ਗਿਆ ਅਪ੍ਰੇਸ਼ਨ ਸੰਧੂਰ ਬੇਹੱਦ ਸਫ਼ਲ ਰਿਹਾ ਹੈ। ਇਸ ਅਪ੍ਰੇਸ਼ਨ ਵਿਚ ਨੌਂ ਅੱਤਵਾਦੀ ਟਿਕਾਣਿਆਂ ਨੂੰ ਨਿਸ਼ਾਨਾ ਬਣਾਇਆ ਗਿਆ।

ਫ਼ੌਜ ਨੇ ਸਿਰਫ਼ ਅੱਤਵਾਦੀ ਢਾਂਚੇ ਨੂੰ ਹੀ ਨਿਸ਼ਾਨਾ ਬਣਾਇਆ। ਇਹ ਭਾਰਤ ਦੀ ਸੰਜਮੀ ਪਰ ਮਜ਼ਬੂਤ ਨੀਤੀ ਨੂੰ ਦਰਸਾਉਂਦਾ ਹੈ।

ਤਿੰਨੇ ਸੈਨਾਵਾਂ ਵਿਚਕਾਰ ਤਾਲਮੇਲ ਸ਼ਲਾਘਾਯੋਗ ਰਿਹਾ। ਹਵਾਈ ਸੈਨਾ, ਥਲ ਸੈਨਾ ਤੇ ਜਲ ਸੈਨਾ ਨੇ ਮਿਲ ਕੇ ਕੰਮ ਕੀਤਾ।

ਅੱਤਵਾਦ ਵਿਰੁੱਧ ਭਾਰਤ ਦੀ ਇਹ ਜ਼ੀਰੋ ਟੌਲਰੈਂਸ ਨੀਤੀ ਦਾ ਸਪੱਸ਼ਟ ਸੰਦੇਸ਼ ਹੈ।

ਨਰਿੰਦਰ ਸ਼ਰਮਾ
ਨਰਿੰਦਰ ਸ਼ਰਮਾ, ਰੱਖਿਆ ਮਾਹਰ

ਇਹ ਕਾਰਵਾਈ ਬਹੁਤ ਹੀ ਸੋਚੀ-ਸਮਝੀ ਰਣਨੀਤੀ ਤਹਿਤ ਕੀਤੀ ਗਈ ਸੀ। ਕਿਸੇ ਵੀ ਆਮ ਨਾਗਰਿਕ ਨੂੰ ਨੁਕਸਾਨ ਨਹੀਂ ਪਹੁੰਚਾਇਆ ਗਿਆ।

ਆਧੁਨਿਕ ਤਕਨਾਲੋਜੀ ਅਤੇ ਸਟੀਕ ਹਥਿਆਰਾਂ ਦੀ ਵਰਤੋਂ ਕੀਤੀ ਗਈ ਜਿਸ ਨਾਲ ਟੀਚਿਆਂ ਨੂੰ ਪੂਰੀ ਸ਼ੁੱਧਤਾ ਨਾਲ ਤਬਾਹ ਕੀਤਾ ਗਿਆ।

ਮਹਿੰਗਾਈ ਅਤੇ ਬੇਰੁਜ਼ਗਾਰੀ ਨੇ ਆਮ ਲੋਕਾਂ ਦਾ ਜੀਣਾ ਔਖਾ ਕਰ ਦਿੱਤਾ ਹੈ। ਨੌਜਵਾਨ ਵਿਦੇਸ਼ਾਂ ਵੱਲ ਰੁਖ਼ ਕਰ ਰਹੇ ਹਨ।

ਕਿਸਾਨੀ ਸੰਕਟ ਵੀ ਲਗਾਤਾਰ ਗੰਭੀਰ ਹੁੰਦਾ ਜਾ ਰਿਹਾ ਹੈ। ਫ਼ਸਲਾਂ ਦੇ ਸਹੀ ਭਾਅ ਨਾ ਮਿਲਣ ਕਾਰਨ ਕਿਸਾਨ ਕਰਜ਼ੇ ਹੇਠ ਦੱਬੇ ਜਾ ਰਹੇ ਹਨ।

ਸਾਨੂੰ ਸਾਰਿਆਂ ਨੂੰ ਮਿਲ ਕੇ ਇਨ੍ਹਾਂ ਸਮੱਸਿਆਵਾਂ ਦਾ ਹੱਲ ਲੱਭਣਾ ਪਵੇਗਾ। ਸਰਕਾਰ ਦੇ ਨਾਲ-ਨਾਲ ਸਮਾਜ ਦੀ ਵੀ ਜ਼ਿੰਮੇਵਾਰੀ ਬਣਦੀ ਹੈ।

ਦੇਸ਼ ਦੇ ਹਾਲਾਤ 'ਤੇ ਨਜ਼ਰ ਮਾਰੀਏ ਤਾਂ ਪਤਾ ਲੱਗਦਾ ਹੈ ਕਿ ਆਮ ਆਦਮੀ ਦੀਆਂ ਮੁਸ਼ਕਿਲਾਂ ਲਗਾਤਾਰ ਵਧਦੀਆਂ ਜਾ ਰਹੀਆਂ ਹਨ।

ਸਿੱਖਿਆ ਅਤੇ ਸਿਹਤ ਸਹੂਲਤਾਂ ਦਾ ਮਿਆਰ ਡਿੱਗਦਾ ਜਾ ਰਿਹਾ ਹੈ। ਸਰਕਾਰੀ ਹਸਪਤਾਲਾਂ ਵਿਚ ਡਾਕਟਰਾਂ ਦੀ ਘਾਟ ਹੈ।

ਵਾਤਾਵਰਨ ਦੀ ਸਮੱਸਿਆ ਵੀ ਦਿਨੋ-ਦਿਨ ਵਧ ਰਹੀ ਹੈ। ਪਾਣੀ ਦਾ ਪੱਧਰ ਲਗਾਤਾਰ ਹੇਠਾਂ ਜਾ ਰਿਹਾ ਹੈ।

ਮਹਿੰਗਾਈ ਅਤੇ ਬੇਰੁਜ਼ਗਾਰੀ ਨੇ ਆਮ ਲੋਕਾਂ ਦਾ ਜੀਣਾ ਔਖਾ ਕਰ ਦਿੱਤਾ ਹੈ। ਨੌਜਵਾਨ ਵਿਦੇਸ਼ਾਂ ਵੱਲ ਰੁਖ਼ ਕਰ ਰਹੇ ਹਨ।

ਕਿਸਾਨੀ ਸੰਕਟ ਵੀ ਲਗਾਤਾਰ ਗੰਭੀਰ ਹੁੰਦਾ ਜਾ ਰਿਹਾ ਹੈ। ਫ਼ਸਲਾਂ ਦੇ ਸਹੀ ਭਾਅ ਨਾ ਮਿਲਣ ਕਾਰਨ ਕਿਸਾਨ ਕਰਜ਼ੇ ਹੇਠ ਦੱਬੇ ਜਾ ਰਹੇ ਹਨ।

ਵਿਸ਼ਵਾਸਘਾਤ ਬਾਰੇ

ਜੰਗ ਦੇ ਹਾਲਾਤ ਵਿਚ ਸਭ ਤੋਂ ਵੱਧ ਨੁਕਸਾਨ ਸਰਹੱਦੀ ਪਿੰਡਾਂ ਦੇ ਲੋਕਾਂ ਦਾ ਹੁੰਦਾ ਹੈ। ਸਰਕਾਰ ਨੂੰ ਇਨ੍ਹਾਂ ਦੀ ਸੁਰੱਖਿਆ ਦਾ ਪੁਖ਼ਤਾ ਪ੍ਰਬੰਧ ਕਰਨਾ ਚਾਹੀਦਾ ਹੈ।

ਨੌਜਵਾਨਾਂ ਦਾ ਵਿਦੇਸ਼ਾਂ ਵੱਲ ਰੁਖ਼ ਕਰਨਾ ਚਿੰਤਾ ਦਾ ਵਿਸ਼ਾ ਹੈ। ਰੁਜ਼ਗਾਰ ਦੇ ਮੌਕੇ ਪੈਦਾ ਕਰਨੇ ਸਮੇਂ ਦੀ ਮੁੱਖ ਲੋੜ ਹੈ।

ਪਾਣੀ ਦੀ ਬੱਚਤ ਅੱਜ ਦੇ ਸਮੇਂ ਦੀ ਸਭ ਤੋਂ ਵੱਡੀ ਲੋੜ ਹੈ। ਹਰ ਨਾਗਰਿਕ ਨੂੰ ਇਸ ਪਾਸੇ ਧਿਆਨ ਦੇਣਾ ਚਾਹੀਦਾ ਹੈ।

ਅੱਤਵਾਦ ਵਿਰੁੱਧ ਪੂਰੇ ਦੇਸ਼ ਨੂੰ ਇਕਜੁੱਟ ਹੋਣਾ ਪਵੇਗਾ। ਫ਼ੌਜ ਦੇ ਹੌਸਲੇ ਬੁਲੰਦ ਰੱਖਣੇ ਸਾਡਾ ਫ਼ਰਜ਼ ਹੈ।

—ਗੁਰਪ੍ਰੀਤ ਸਿੰਘ, ਮੋਗਾ
ਜਿਥੇ ਬੀਜੇ 'ਚ ਵੱਢਣ-ਚਾਰ

ਨੌਜਵਾਨਾਂ ਦਾ ਵਿਦੇਸ਼ਾਂ ਵੱਲ ਰੁਖ਼ ਕਰਨਾ ਚਿੰਤਾ ਦਾ ਵਿਸ਼ਾ ਹੈ। ਰੁਜ਼ਗਾਰ ਦੇ ਮੌਕੇ ਪੈਦਾ ਕਰਨੇ ਸਮੇਂ ਦੀ ਮੁੱਖ ਲੋੜ ਹੈ।

ਅੱਤਵਾਦ ਵਿਰੁੱਧ ਪੂਰੇ ਦੇਸ਼ ਨੂੰ ਇਕਜੁੱਟ ਹੋਣਾ ਪਵੇਗਾ। ਫ਼ੌਜ ਦੇ ਹੌਸਲੇ ਬੁਲੰਦ ਰੱਖਣੇ ਸਾਡਾ ਫ਼ਰਜ਼ ਹੈ।

ਜੰਗ ਦੇ ਹਾਲਾਤ ਵਿਚ ਸਭ ਤੋਂ ਵੱਧ ਨੁਕਸਾਨ ਸਰਹੱਦੀ ਪਿੰਡਾਂ ਦੇ ਲੋਕਾਂ ਦਾ ਹੁੰਦਾ ਹੈ। ਸਰਕਾਰ ਨੂੰ ਇਨ੍ਹਾਂ ਦੀ ਸੁਰੱਖਿਆ ਦਾ ਪੁਖ਼ਤਾ ਪ੍ਰਬੰਧ ਕਰਨਾ ਚਾਹੀਦਾ ਹੈ।

ਪਾਣੀ ਦੀ ਬੱਚਤ ਅੱਜ ਦੇ ਸਮੇਂ ਦੀ ਸਭ ਤੋਂ ਵੱਡੀ ਲੋੜ ਹੈ। ਹਰ ਨਾਗਰਿਕ ਨੂੰ ਇਸ ਪਾਸੇ ਧਿਆਨ ਦੇਣਾ ਚਾਹੀਦਾ ਹੈ।

ਨੌਜਵਾਨਾਂ ਦਾ ਵਿਦੇਸ਼ਾਂ ਵੱਲ ਰੁਖ਼ ਕਰਨਾ ਚਿੰਤਾ ਦਾ ਵਿਸ਼ਾ ਹੈ। ਰੁਜ਼ਗਾਰ ਦੇ ਮੌਕੇ ਪੈਦਾ ਕਰਨੇ ਸਮੇਂ ਦੀ ਮੁੱਖ ਲੋੜ ਹੈ।

—ਅਨਮੋਲ ਸਿੰਘ, ਨਾਭਾ
ਸੰਪਾਦਕ ਦੇ ਨਾਂਅ
ਹੋਣੀ ਇਹੋ ਬਰਬਾਦ

ਜੰਗ ਦੇ ਹਾਲਾਤ ਵਿਚ ਸਭ ਤੋਂ ਵੱਧ ਨੁਕਸਾਨ ਸਰਹੱਦੀ ਪਿੰਡਾਂ ਦੇ ਲੋਕਾਂ ਦਾ ਹੁੰਦਾ ਹੈ। ਸਰਕਾਰ ਨੂੰ ਇਨ੍ਹਾਂ ਦੀ ਸੁਰੱਖਿਆ ਦਾ ਪੁਖ਼ਤਾ ਪ੍ਰਬੰਧ ਕਰਨਾ ਚਾਹੀਦਾ ਹੈ।

ਪਾਣੀ ਦੀ ਬੱਚਤ ਅੱਜ ਦੇ ਸਮੇਂ ਦੀ ਸਭ ਤੋਂ ਵੱਡੀ ਲੋੜ ਹੈ। ਹਰ ਨਾਗਰਿਕ ਨੂੰ ਇਸ ਪਾਸੇ ਧਿਆਨ ਦੇਣਾ ਚਾਹੀਦਾ ਹੈ।

—ਅਮਰਜੀਤ ਸਿੰਘ ਸੋਹੀ, ਲੁਧਿਆਣਾ
ਕਿਉਂ ਘਟੇ ਹੋਣ ਦੀ ਰਿਹਾ ਹੈ

ਨੌਜਵਾਨਾਂ ਦਾ ਵਿਦੇਸ਼ਾਂ ਵੱਲ ਰੁਖ਼ ਕਰਨਾ ਚਿੰਤਾ ਦਾ ਵਿਸ਼ਾ ਹੈ। ਰੁਜ਼ਗਾਰ ਦੇ ਮੌਕੇ ਪੈਦਾ ਕਰਨੇ ਸਮੇਂ ਦੀ ਮੁੱਖ ਲੋੜ ਹੈ।

—ਹਰਮਨਪ੍ਰੀਤ ਕੌਰ, ਪਟਿਆਲਾ

ਅੱਤਵਾਦ ਵਿਰੁੱਧ ਪੂਰੇ ਦੇਸ਼ ਨੂੰ ਇਕਜੁੱਟ ਹੋਣਾ ਪਵੇਗਾ। ਫ਼ੌਜ ਦੇ ਹੌਸਲੇ ਬੁਲੰਦ ਰੱਖਣੇ ਸਾਡਾ ਫ਼ਰਜ਼ ਹੈ।

ਜੰਗ ਦੇ ਹਾਲਾਤ ਵਿਚ ਸਭ ਤੋਂ ਵੱਧ ਨੁਕਸਾਨ ਸਰਹੱਦੀ ਪਿੰਡਾਂ ਦੇ ਲੋਕਾਂ ਦਾ ਹੁੰਦਾ ਹੈ। ਸਰਕਾਰ ਨੂੰ ਇਨ੍ਹਾਂ ਦੀ ਸੁਰੱਖਿਆ ਦਾ ਪੁਖ਼ਤਾ ਪ੍ਰਬੰਧ ਕਰਨਾ ਚਾਹੀਦਾ ਹੈ।

ਨੌਜਵਾਨਾਂ ਦਾ ਵਿਦੇਸ਼ਾਂ ਵੱਲ ਰੁਖ਼ ਕਰਨਾ ਚਿੰਤਾ ਦਾ ਵਿਸ਼ਾ ਹੈ। ਰੁਜ਼ਗਾਰ ਦੇ ਮੌਕੇ ਪੈਦਾ ਕਰਨੇ ਸਮੇਂ ਦੀ ਮੁੱਖ ਲੋੜ ਹੈ।

ਪਾਣੀ ਦੀ ਬੱਚਤ ਅੱਜ ਦੇ ਸਮੇਂ ਦੀ ਸਭ ਤੋਂ ਵੱਡੀ ਲੋੜ ਹੈ। ਹਰ ਨਾਗਰਿਕ ਨੂੰ ਇਸ ਪਾਸੇ ਧਿਆਨ ਦੇਣਾ ਚਾਹੀਦਾ ਹੈ।

—ਜਸਵਿੰਦਰ ਸਿੰਘ ਸੰਧੂ

ਪਾਣੀ ਦੀ ਬੱਚਤ ਅੱਜ ਦੇ ਸਮੇਂ ਦੀ ਸਭ ਤੋਂ ਵੱਡੀ ਲੋੜ ਹੈ। ਹਰ ਨਾਗਰਿਕ ਨੂੰ ਇਸ ਪਾਸੇ ਧਿਆਨ ਦੇਣਾ ਚਾਹੀਦਾ ਹੈ।

ਜੰਗ ਦੇ ਹਾਲਾਤ ਵਿਚ ਸਭ ਤੋਂ ਵੱਧ ਨੁਕਸਾਨ ਸਰਹੱਦੀ ਪਿੰਡਾਂ ਦੇ ਲੋਕਾਂ ਦਾ ਹੁੰਦਾ ਹੈ। ਸਰਕਾਰ ਨੂੰ ਇਨ੍ਹਾਂ ਦੀ ਸੁਰੱਖਿਆ ਦਾ ਪੁਖ਼ਤਾ ਪ੍ਰਬੰਧ ਕਰਨਾ ਚਾਹੀਦਾ ਹੈ।

ਅੱਤਵਾਦ ਵਿਰੁੱਧ ਪੂਰੇ ਦੇਸ਼ ਨੂੰ ਇਕਜੁੱਟ ਹੋਣਾ ਪਵੇਗਾ। ਫ਼ੌਜ ਦੇ ਹੌਸਲੇ ਬੁਲੰਦ ਰੱਖਣੇ ਸਾਡਾ ਫ਼ਰਜ਼ ਹੈ।

ਨੌਜਵਾਨਾਂ ਦਾ ਵਿਦੇਸ਼ਾਂ ਵੱਲ ਰੁਖ਼ ਕਰਨਾ ਚਿੰਤਾ ਦਾ ਵਿਸ਼ਾ ਹੈ। ਰੁਜ਼ਗਾਰ ਦੇ ਮੌਕੇ ਪੈਦਾ ਕਰਨੇ ਸਮੇਂ ਦੀ ਮੁੱਖ ਲੋੜ ਹੈ।

ਅਮੁੱਲ ਢੁੱਕੀ ਸਾਂਭੀ

ਪਾਣੀ ਦੀ ਬੱਚਤ ਅੱਜ ਦੇ ਸਮੇਂ ਦੀ ਸਭ ਤੋਂ ਵੱਡੀ ਲੋੜ ਹੈ। ਹਰ ਨਾਗਰਿਕ ਨੂੰ ਇਸ ਪਾਸੇ ਧਿਆਨ ਦੇਣਾ ਚਾਹੀਦਾ ਹੈ।

—ਗੁਰਪ੍ਰੀਤ ਸਿੰਘ, ਮੋਗਾ
ਵਧਦੀ ਦੇ ਖ਼ਿਲਾਫ਼ 'ਚ ਜੰਗ

ਅੱਤਵਾਦ ਵਿਰੁੱਧ ਪੂਰੇ ਦੇਸ਼ ਨੂੰ ਇਕਜੁੱਟ ਹੋਣਾ ਪਵੇਗਾ। ਫ਼ੌਜ ਦੇ ਹੌਸਲੇ ਬੁਲੰਦ ਰੱਖਣੇ ਸਾਡਾ ਫ਼ਰਜ਼ ਹੈ।

ਨੌਜਵਾਨਾਂ ਦਾ ਵਿਦੇਸ਼ਾਂ ਵੱਲ ਰੁਖ਼ ਕਰਨਾ ਚਿੰਤਾ ਦਾ ਵਿਸ਼ਾ ਹੈ। ਰੁਜ਼ਗਾਰ ਦੇ ਮੌਕੇ ਪੈਦਾ ਕਰਨੇ ਸਮੇਂ ਦੀ ਮੁੱਖ ਲੋੜ ਹੈ।

ਜੰਗ ਦੇ ਹਾਲਾਤ ਵਿਚ ਸਭ ਤੋਂ ਵੱਧ ਨੁਕਸਾਨ ਸਰਹੱਦੀ ਪਿੰਡਾਂ ਦੇ ਲੋਕਾਂ ਦਾ ਹੁੰਦਾ ਹੈ। ਸਰਕਾਰ ਨੂੰ ਇਨ੍ਹਾਂ ਦੀ ਸੁਰੱਖਿਆ ਦਾ ਪੁਖ਼ਤਾ ਪ੍ਰਬੰਧ ਕਰਨਾ ਚਾਹੀਦਾ ਹੈ।

ਪਾਣੀ ਦੀ ਬੱਚਤ ਅੱਜ ਦੇ ਸਮੇਂ ਦੀ ਸਭ ਤੋਂ ਵੱਡੀ ਲੋੜ ਹੈ। ਹਰ ਨਾਗਰਿਕ ਨੂੰ ਇਸ ਪਾਸੇ ਧਿਆਨ ਦੇਣਾ ਚਾਹੀਦਾ ਹੈ।

—ਅਸ਼ੋਕ ਕੁਮਾਰ, ਅੰਬਾਲਾ
